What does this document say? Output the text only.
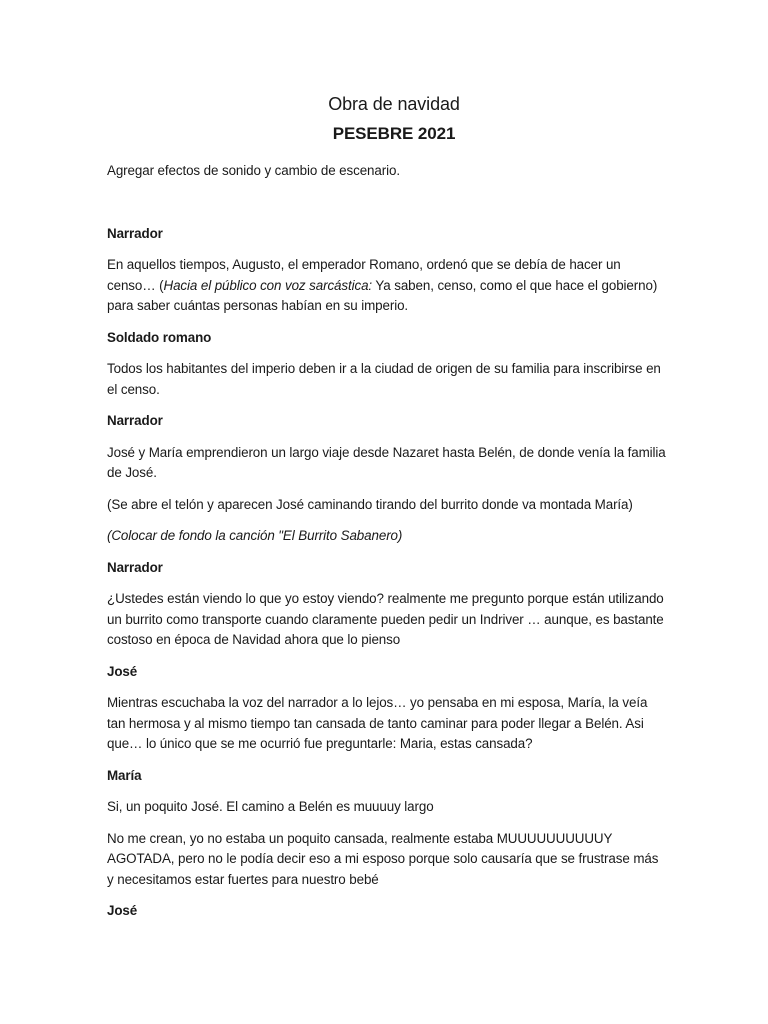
Obra de navidad
PESEBRE 2021

Agregar efectos de sonido y cambio de escenario.

Narrador

En aquellos tiempos, Augusto, el emperador Romano, ordenó que se debía de hacer un censo… (Hacia el público con voz sarcástica: Ya saben, censo, como el que hace el gobierno) para saber cuántas personas habían en su imperio.

Soldado romano

Todos los habitantes del imperio deben ir a la ciudad de origen de su familia para inscribirse en el censo.

Narrador

José y María emprendieron un largo viaje desde Nazaret hasta Belén, de donde venía la familia de José.

(Se abre el telón y aparecen José caminando tirando del burrito donde va montada María)

(Colocar de fondo la canción "El Burrito Sabanero)

Narrador

¿Ustedes están viendo lo que yo estoy viendo? realmente me pregunto porque están utilizando un burrito como transporte cuando claramente pueden pedir un Indriver … aunque, es bastante costoso en época de Navidad ahora que lo pienso

José

Mientras escuchaba la voz del narrador a lo lejos… yo pensaba en mi esposa, María, la veía tan hermosa y al mismo tiempo tan cansada de tanto caminar para poder llegar a Belén. Asi que… lo único que se me ocurrió fue preguntarle: Maria, estas cansada?

María

Si, un poquito José. El camino a Belén es muuuuy largo

No me crean, yo no estaba un poquito cansada, realmente estaba MUUUUUUUUUUY AGOTADA, pero no le podía decir eso a mi esposo porque solo causaría que se frustrase más y necesitamos estar fuertes para nuestro bebé

José
